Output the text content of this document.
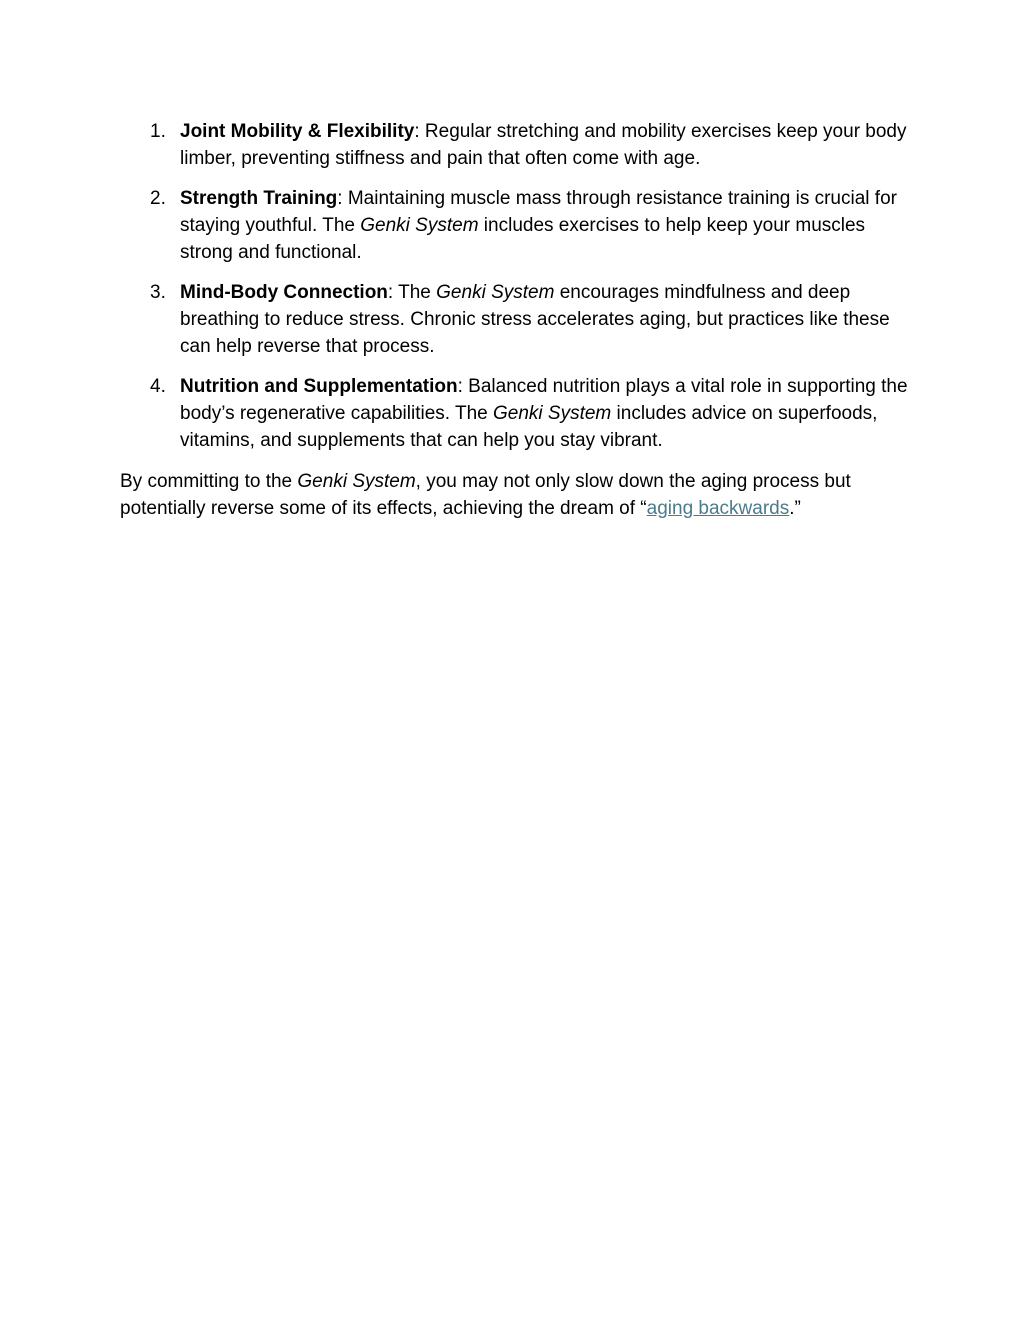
1. Joint Mobility & Flexibility: Regular stretching and mobility exercises keep your body limber, preventing stiffness and pain that often come with age.
2. Strength Training: Maintaining muscle mass through resistance training is crucial for staying youthful. The Genki System includes exercises to help keep your muscles strong and functional.
3. Mind-Body Connection: The Genki System encourages mindfulness and deep breathing to reduce stress. Chronic stress accelerates aging, but practices like these can help reverse that process.
4. Nutrition and Supplementation: Balanced nutrition plays a vital role in supporting the body’s regenerative capabilities. The Genki System includes advice on superfoods, vitamins, and supplements that can help you stay vibrant.

By committing to the Genki System, you may not only slow down the aging process but potentially reverse some of its effects, achieving the dream of “aging backwards.”
